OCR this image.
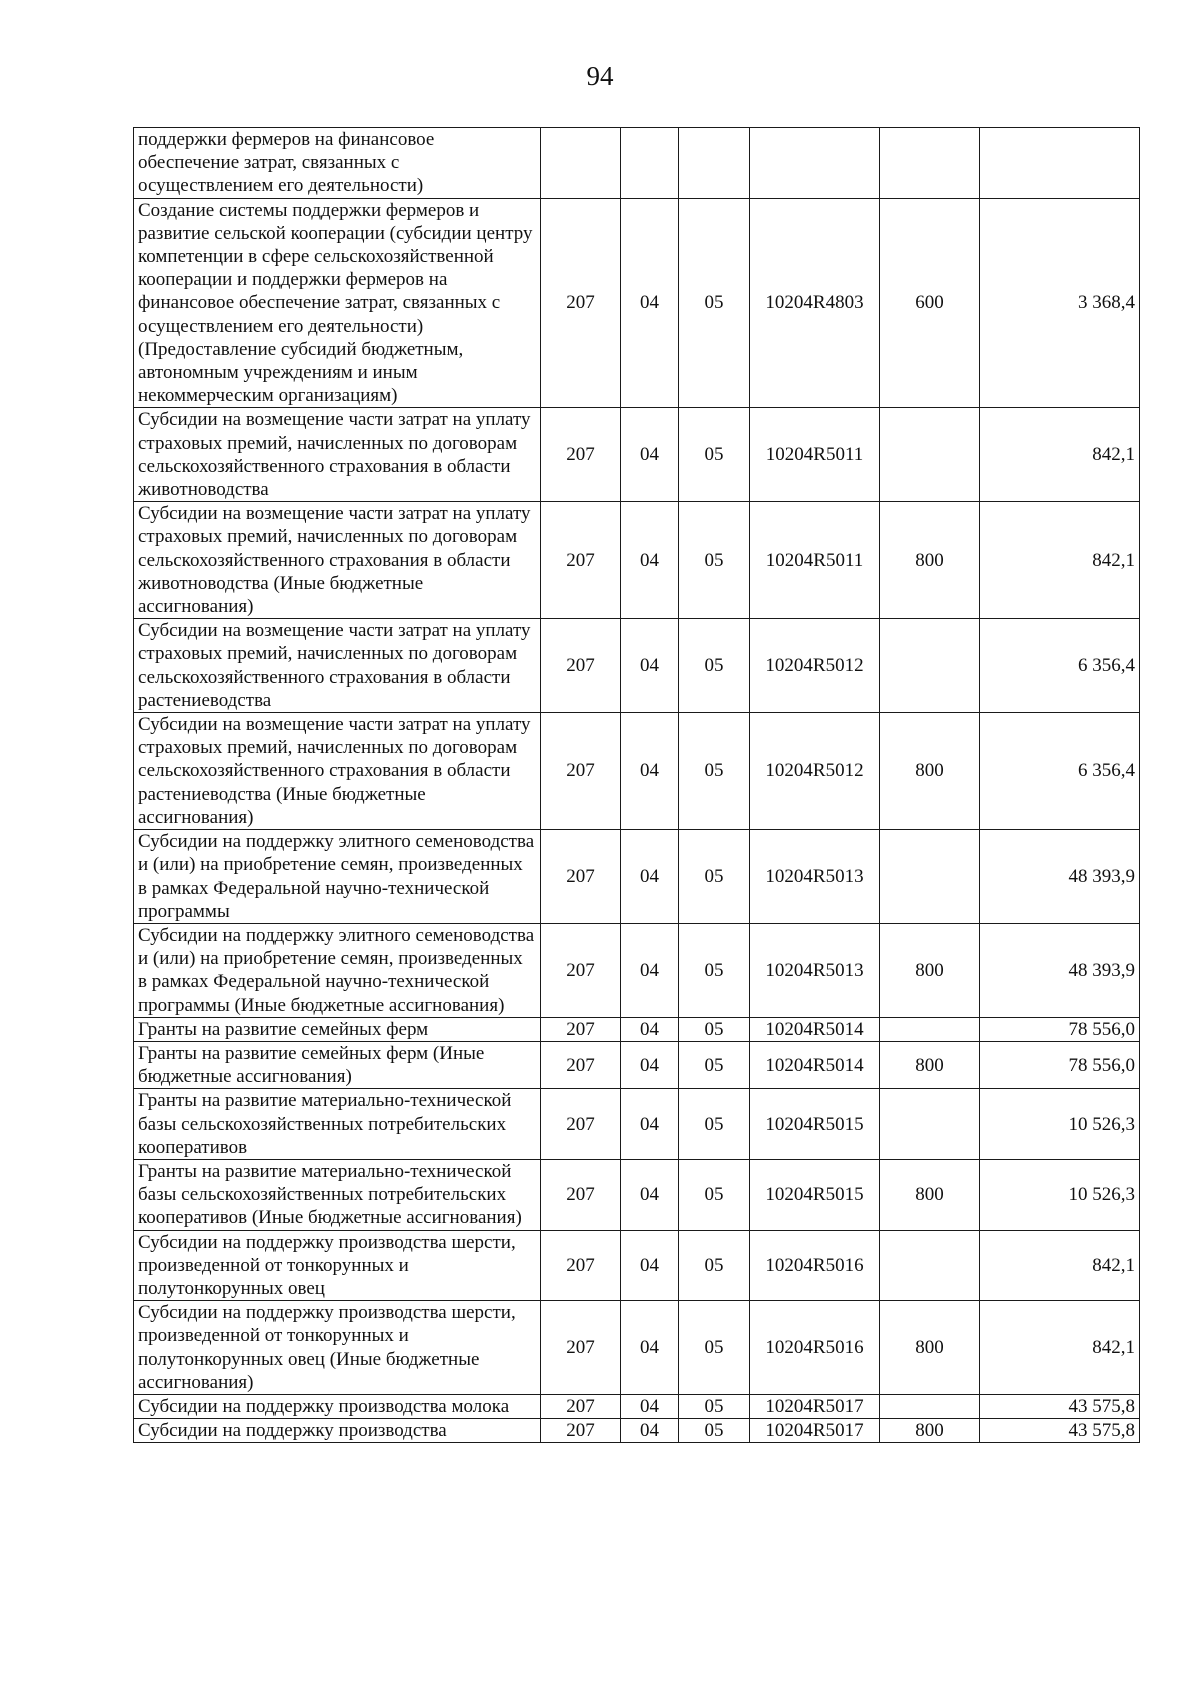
94
поддержки фермеров на финансовое обеспечение затрат, связанных с осуществлением его деятельности)						
Создание системы поддержки фермеров и развитие сельской кооперации (субсидии центру компетенции в сфере сельскохозяйственной кооперации и поддержки фермеров на финансовое обеспечение затрат, связанных с осуществлением его деятельности) (Предоставление субсидий бюджетным, автономным учреждениям и иным некоммерческим организациям)	207	04	05	10204R4803	600	3 368,4
Субсидии на возмещение части затрат на уплату страховых премий, начисленных по договорам сельскохозяйственного страхования в области животноводства	207	04	05	10204R5011		842,1
Субсидии на возмещение части затрат на уплату страховых премий, начисленных по договорам сельскохозяйственного страхования в области животноводства (Иные бюджетные ассигнования)	207	04	05	10204R5011	800	842,1
Субсидии на возмещение части затрат на уплату страховых премий, начисленных по договорам сельскохозяйственного страхования в области растениеводства	207	04	05	10204R5012		6 356,4
Субсидии на возмещение части затрат на уплату страховых премий, начисленных по договорам сельскохозяйственного страхования в области растениеводства (Иные бюджетные ассигнования)	207	04	05	10204R5012	800	6 356,4
Субсидии на поддержку элитного семеноводства и (или) на приобретение семян, произведенных в рамках Федеральной научно-технической программы	207	04	05	10204R5013		48 393,9
Субсидии на поддержку элитного семеноводства и (или) на приобретение семян, произведенных в рамках Федеральной научно-технической программы (Иные бюджетные ассигнования)	207	04	05	10204R5013	800	48 393,9
Гранты на развитие семейных ферм	207	04	05	10204R5014		78 556,0
Гранты на развитие семейных ферм (Иные бюджетные ассигнования)	207	04	05	10204R5014	800	78 556,0
Гранты на развитие материально-технической базы сельскохозяйственных потребительских кооперативов	207	04	05	10204R5015		10 526,3
Гранты на развитие материально-технической базы сельскохозяйственных потребительских кооперативов (Иные бюджетные ассигнования)	207	04	05	10204R5015	800	10 526,3
Субсидии на поддержку производства шерсти, произведенной от тонкорунных и полутонкорунных овец	207	04	05	10204R5016		842,1
Субсидии на поддержку производства шерсти, произведенной от тонкорунных и полутонкорунных овец (Иные бюджетные ассигнования)	207	04	05	10204R5016	800	842,1
Субсидии на поддержку производства молока	207	04	05	10204R5017		43 575,8
Субсидии на поддержку производства	207	04	05	10204R5017	800	43 575,8
